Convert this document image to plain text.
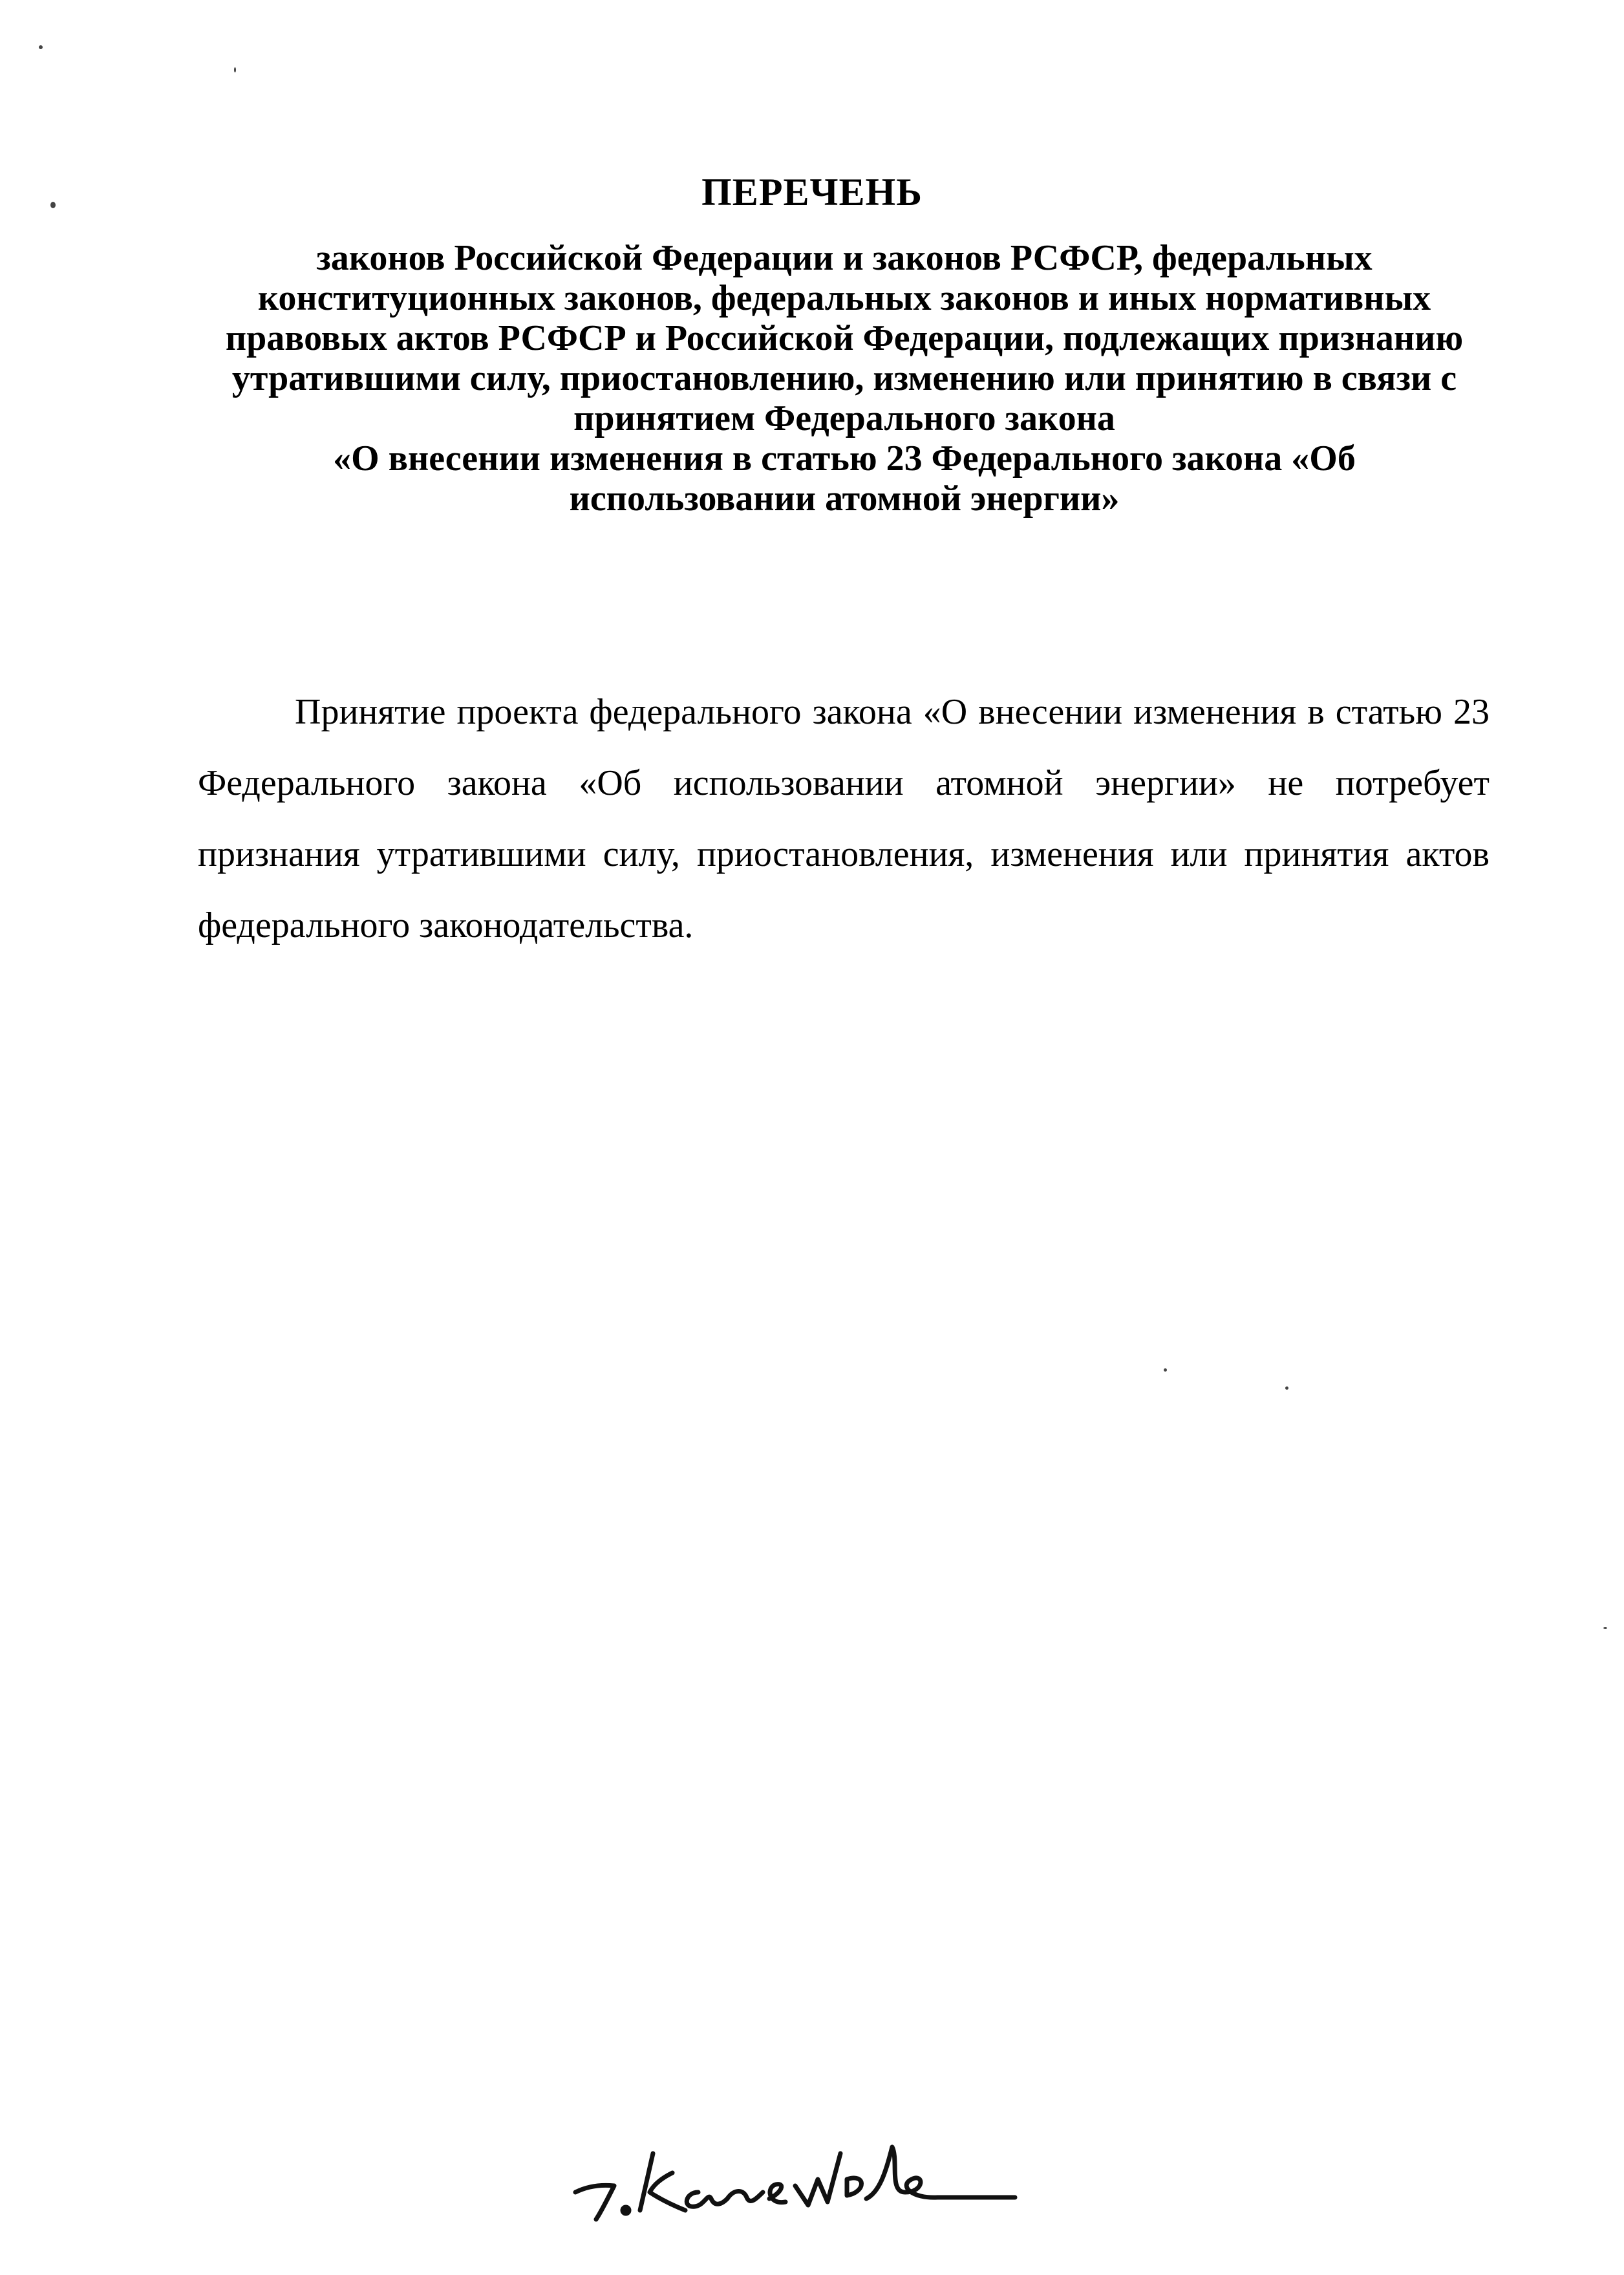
ПЕРЕЧЕНЬ
законов Российской Федерации и законов РСФСР, федеральных
конституционных законов, федеральных законов и иных нормативных
правовых актов РСФСР и Российской Федерации, подлежащих признанию
утратившими силу, приостановлению, изменению или принятию в связи с
принятием Федерального закона
«О внесении изменения в статью 23 Федерального закона «Об
использовании атомной энергии»

Принятие проекта федерального закона «О внесении изменения в статью 23 Федерального закона «Об использовании атомной энергии» не потребует признания утратившими силу, приостановления, изменения или принятия актов федерального законодательства.
